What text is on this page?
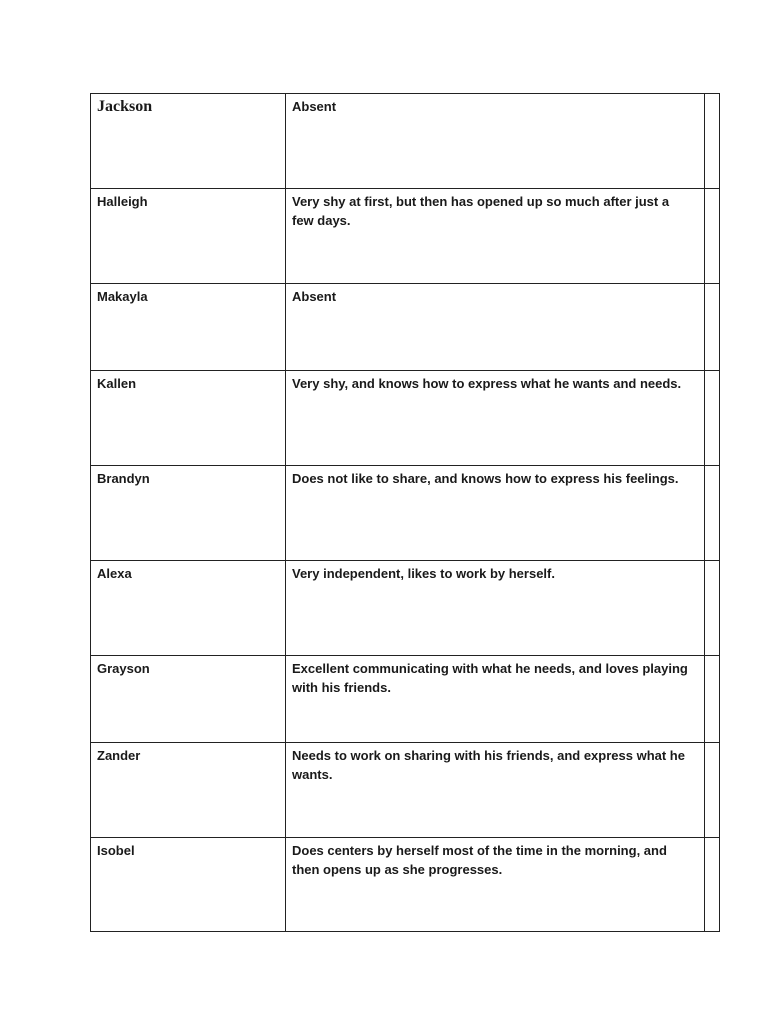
Jackson	Absent	

Halleigh	Very shy at first, but then has opened up so much after just a few days.	

Makayla	Absent	

Kallen	Very shy, and knows how to express what he wants and needs.	

Brandyn	Does not like to share, and knows how to express his feelings.	

Alexa	Very independent, likes to work by herself.	

Grayson	Excellent communicating with what he needs, and loves playing with his friends.	

Zander	Needs to work on sharing with his friends, and express what he wants.	

Isobel	Does centers by herself most of the time in the morning, and then opens up as she progresses.	
